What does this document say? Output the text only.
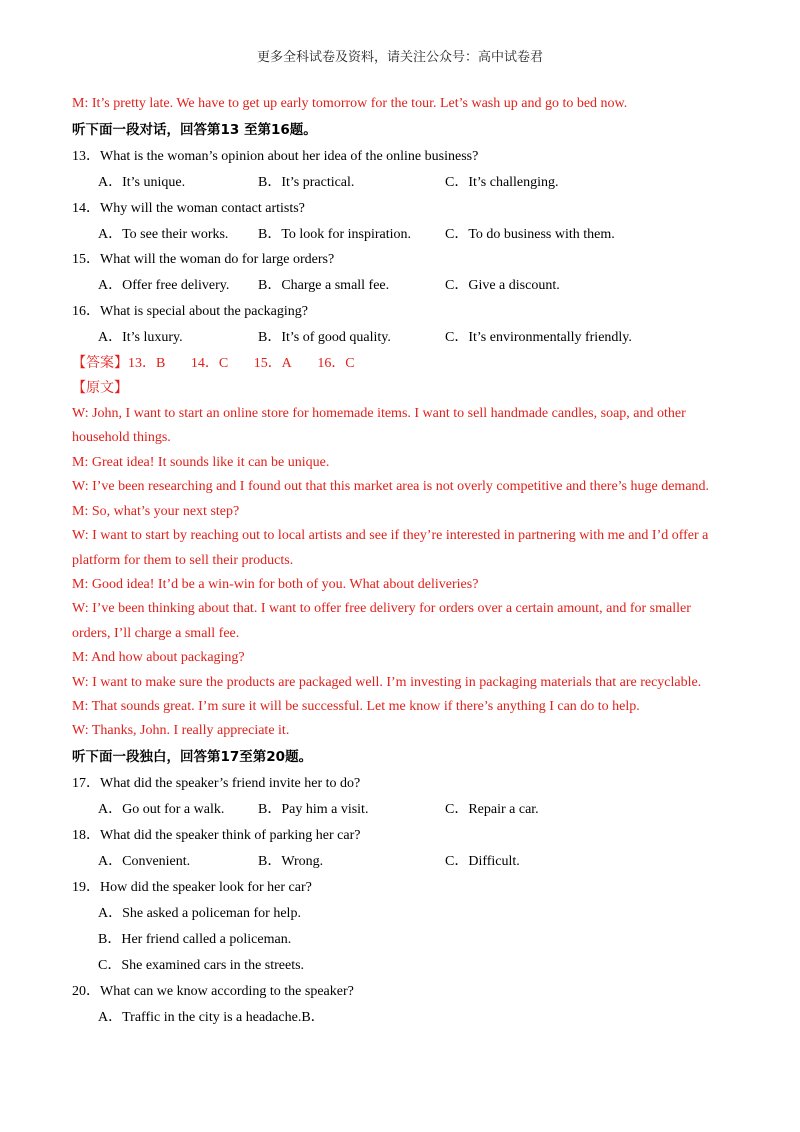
更多全科试卷及资料，请关注公众号：高中试卷君
M: It’s pretty late. We have to get up early tomorrow for the tour. Let’s wash up and go to bed now.
听下面一段对话，回答第13 至第16题。
13．What is the woman’s opinion about her idea of the online business?
A．It’s unique.	B．It’s practical.	C．It’s challenging.
14．Why will the woman contact artists?
A．To see their works. B．To look for inspiration. C．To do business with them.
15．What will the woman do for large orders?
A．Offer free delivery. B．Charge a small fee.	C．Give a discount.
16．What is special about the packaging?
A．It’s luxury.	B．It’s of good quality.	C．It’s environmentally friendly.
【答案】13．B 14．C 15．A 16．C
【原文】
W: John, I want to start an online store for homemade items. I want to sell handmade candles, soap, and other
household things.
M: Great idea! It sounds like it can be unique.
W: I’ve been researching and I found out that this market area is not overly competitive and there’s huge demand.
M: So, what’s your next step?
W: I want to start by reaching out to local artists and see if they’re interested in partnering with me and I’d offer a
platform for them to sell their products.
M: Good idea! It’d be a win-win for both of you. What about deliveries?
W: I’ve been thinking about that. I want to offer free delivery for orders over a certain amount, and for smaller
orders, I’ll charge a small fee.
M: And how about packaging?
W: I want to make sure the products are packaged well. I’m investing in packaging materials that are recyclable.
M: That sounds great. I’m sure it will be successful. Let me know if there’s anything I can do to help.
W: Thanks, John. I really appreciate it.
听下面一段独白，回答第17至第20题。
17．What did the speaker’s friend invite her to do?
A．Go out for a walk. B．Pay him a visit.	C．Repair a car.
18．What did the speaker think of parking her car?
A．Convenient.	B．Wrong.	C．Difficult.
19．How did the speaker look for her car?
A．She asked a policeman for help.
B．Her friend called a policeman.
C．She examined cars in the streets.
20．What can we know according to the speaker?
A．Traffic in the city is a headache.B．
